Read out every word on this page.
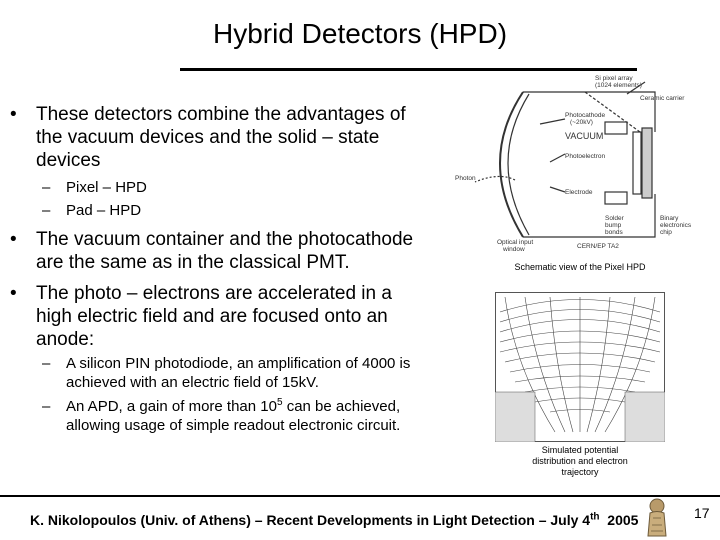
Hybrid Detectors (HPD)
• These detectors combine the advantages of
the vacuum devices and the solid – state
devices
– Pixel – HPD
– Pad – HPD
• The vacuum container and the photocathode
are the same as in the classical PMT.
• The photo – electrons are accelerated in a
high electric field and are focused onto an
anode:
– A silicon PIN photodiode, an amplification of 4000 is
achieved with an electric field of 15kV.
– An APD, a gain of more than $10^5$ can be achieved,
allowing usage of simple readout electronic circuit.
Si pixel array
(1024 elements)
Ceramic carrier
Photocathode
(~20kV)
VACUUM
Photoelectron
Electrode
Photon
Solder
bump
bonds
Binary
electronics
chip
Optical input
window	CERN/EP TA2
Schematic view of the Pixel HPD
Simulated potential
distribution and electron
trajectory
K. Nikolopoulos (Univ. of Athens) – Recent Developments in Light Detection – July 4th  2005	17
